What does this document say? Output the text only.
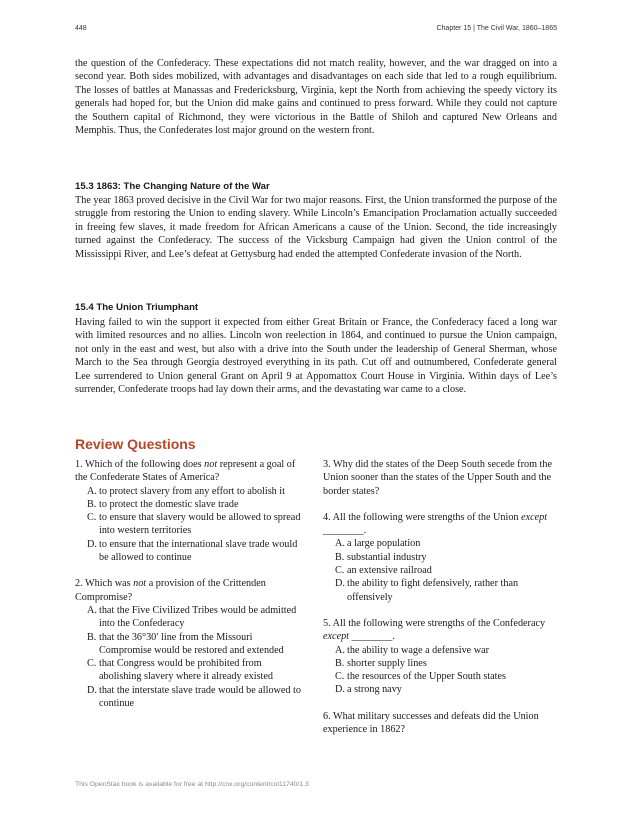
448	Chapter 15 | The Civil War, 1860–1865

the question of the Confederacy. These expectations did not match reality, however, and the war dragged on into a second year. Both sides mobilized, with advantages and disadvantages on each side that led to a rough equilibrium. The losses of battles at Manassas and Fredericksburg, Virginia, kept the North from achieving the speedy victory its generals had hoped for, but the Union did make gains and continued to press forward. While they could not capture the Southern capital of Richmond, they were victorious in the Battle of Shiloh and captured New Orleans and Memphis. Thus, the Confederates lost major ground on the western front.

15.3 1863: The Changing Nature of the War

The year 1863 proved decisive in the Civil War for two major reasons. First, the Union transformed the purpose of the struggle from restoring the Union to ending slavery. While Lincoln’s Emancipation Proclamation actually succeeded in freeing few slaves, it made freedom for African Americans a cause of the Union. Second, the tide increasingly turned against the Confederacy. The success of the Vicksburg Campaign had given the Union control of the Mississippi River, and Lee’s defeat at Gettysburg had ended the attempted Confederate invasion of the North.

15.4 The Union Triumphant

Having failed to win the support it expected from either Great Britain or France, the Confederacy faced a long war with limited resources and no allies. Lincoln won reelection in 1864, and continued to pursue the Union campaign, not only in the east and west, but also with a drive into the South under the leadership of General Sherman, whose March to the Sea through Georgia destroyed everything in its path. Cut off and outnumbered, Confederate general Lee surrendered to Union general Grant on April 9 at Appomattox Court House in Virginia. Within days of Lee’s surrender, Confederate troops had lay down their arms, and the devastating war came to a close.

Review Questions

1. Which of the following does not represent a goal of the Confederate States of America?

A. to protect slavery from any effort to abolish it
B. to protect the domestic slave trade
C. to ensure that slavery would be allowed to spread into western territories
D. to ensure that the international slave trade would be allowed to continue

2. Which was not a provision of the Crittenden Compromise?

A. that the Five Civilized Tribes would be admitted into the Confederacy
B. that the 36°30′ line from the Missouri Compromise would be restored and extended
C. that Congress would be prohibited from abolishing slavery where it already existed
D. that the interstate slave trade would be allowed to continue

3. Why did the states of the Deep South secede from the Union sooner than the states of the Upper South and the border states?

4. All the following were strengths of the Union except ________.

A. a large population
B. substantial industry
C. an extensive railroad
D. the ability to fight defensively, rather than offensively

5. All the following were strengths of the Confederacy except ________.

A. the ability to wage a defensive war
B. shorter supply lines
C. the resources of the Upper South states
D. a strong navy

6. What military successes and defeats did the Union experience in 1862?

This OpenStax book is available for free at http://cnx.org/content/col11740/1.3
